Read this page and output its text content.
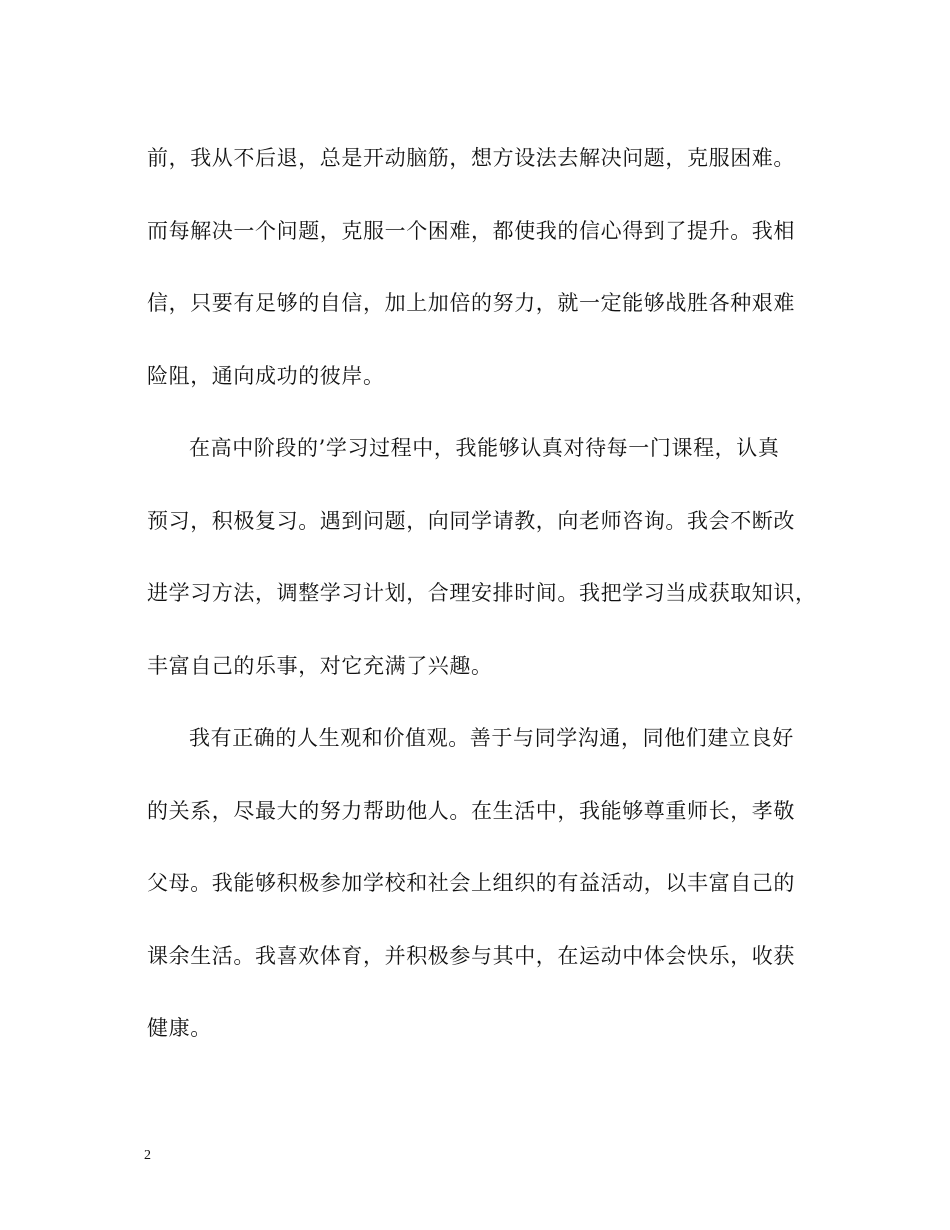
前，我从不后退，总是开动脑筋，想方设法去解决问题，克服困难。
而每解决一个问题，克服一个困难，都使我的信心得到了提升。我相
信，只要有足够的自信，加上加倍的努力，就一定能够战胜各种艰难
险阻，通向成功的彼岸。
在高中阶段的’学习过程中，我能够认真对待每一门课程，认真
预习，积极复习。遇到问题，向同学请教，向老师咨询。我会不断改
进学习方法，调整学习计划，合理安排时间。我把学习当成获取知识，
丰富自己的乐事，对它充满了兴趣。
我有正确的人生观和价值观。善于与同学沟通，同他们建立良好
的关系，尽最大的努力帮助他人。在生活中，我能够尊重师长，孝敬
父母。我能够积极参加学校和社会上组织的有益活动，以丰富自己的
课余生活。我喜欢体育，并积极参与其中，在运动中体会快乐，收获
健康。
2
